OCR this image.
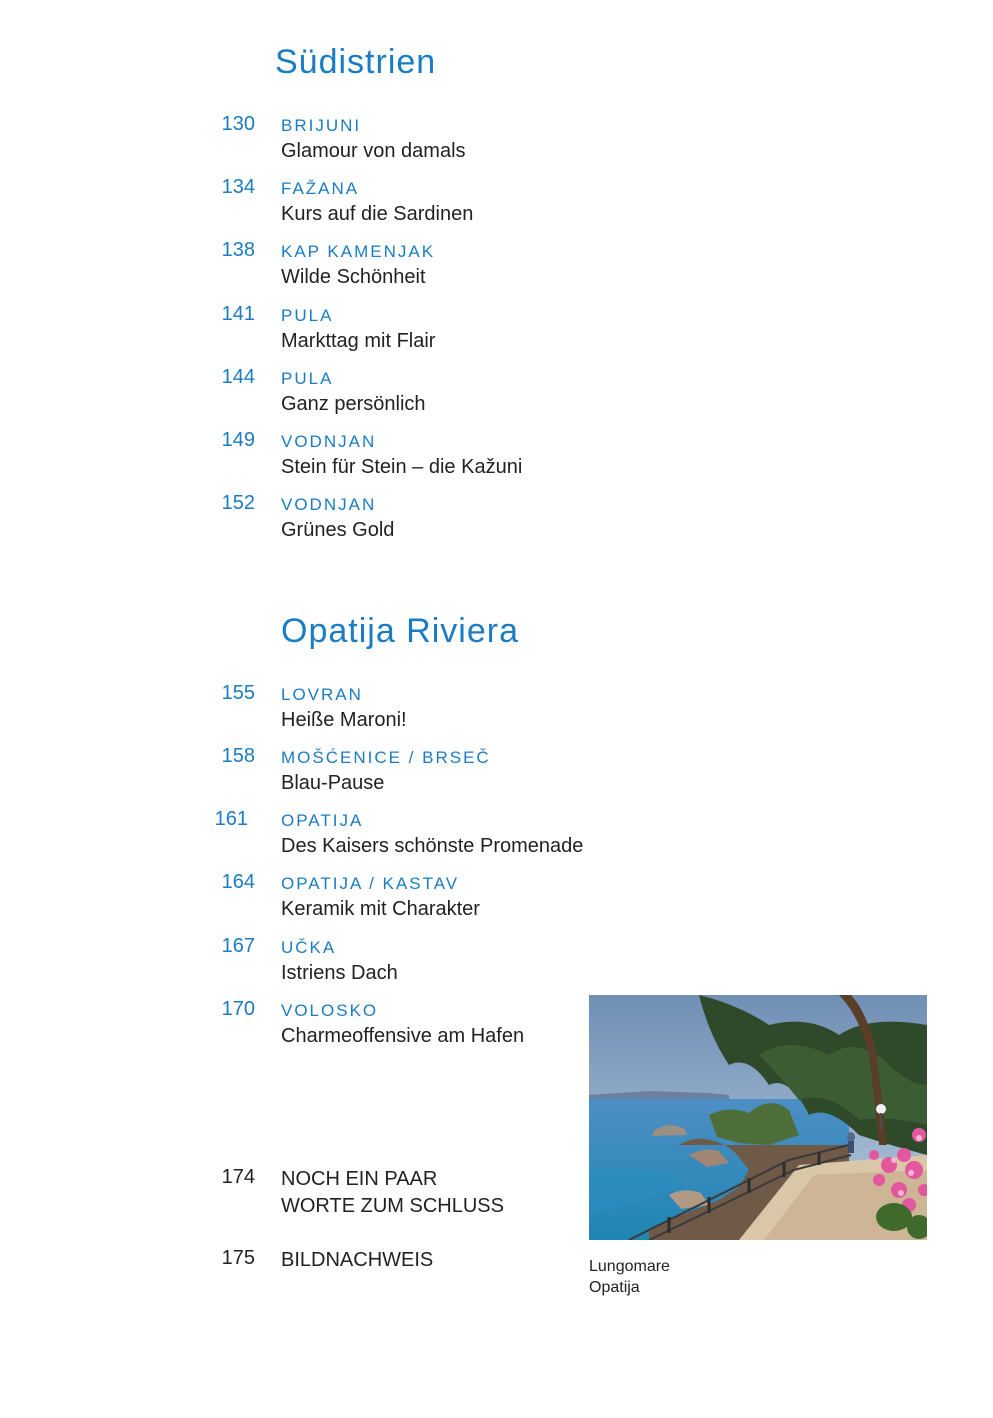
Südistrien
130 BRIJUNI
Glamour von damals
134 FAŽANA
Kurs auf die Sardinen
138 KAP KAMENJAK
Wilde Schönheit
141 PULA
Markttag mit Flair
144 PULA
Ganz persönlich
149 VODNJAN
Stein für Stein – die Kažuni
152 VODNJAN
Grünes Gold
Opatija Riviera
155 LOVRAN
Heiße Maroni!
158 MOŠĆENICE / BRSEČ
Blau-Pause
161 OPATIJA
Des Kaisers schönste Promenade
164 OPATIJA / KASTAV
Keramik mit Charakter
167 UČKA
Istriens Dach
170 VOLOSKO
Charmeoffensive am Hafen
174 NOCH EIN PAAR
WORTE ZUM SCHLUSS
175 BILDNACHWEIS	Lungomare
Opatija
